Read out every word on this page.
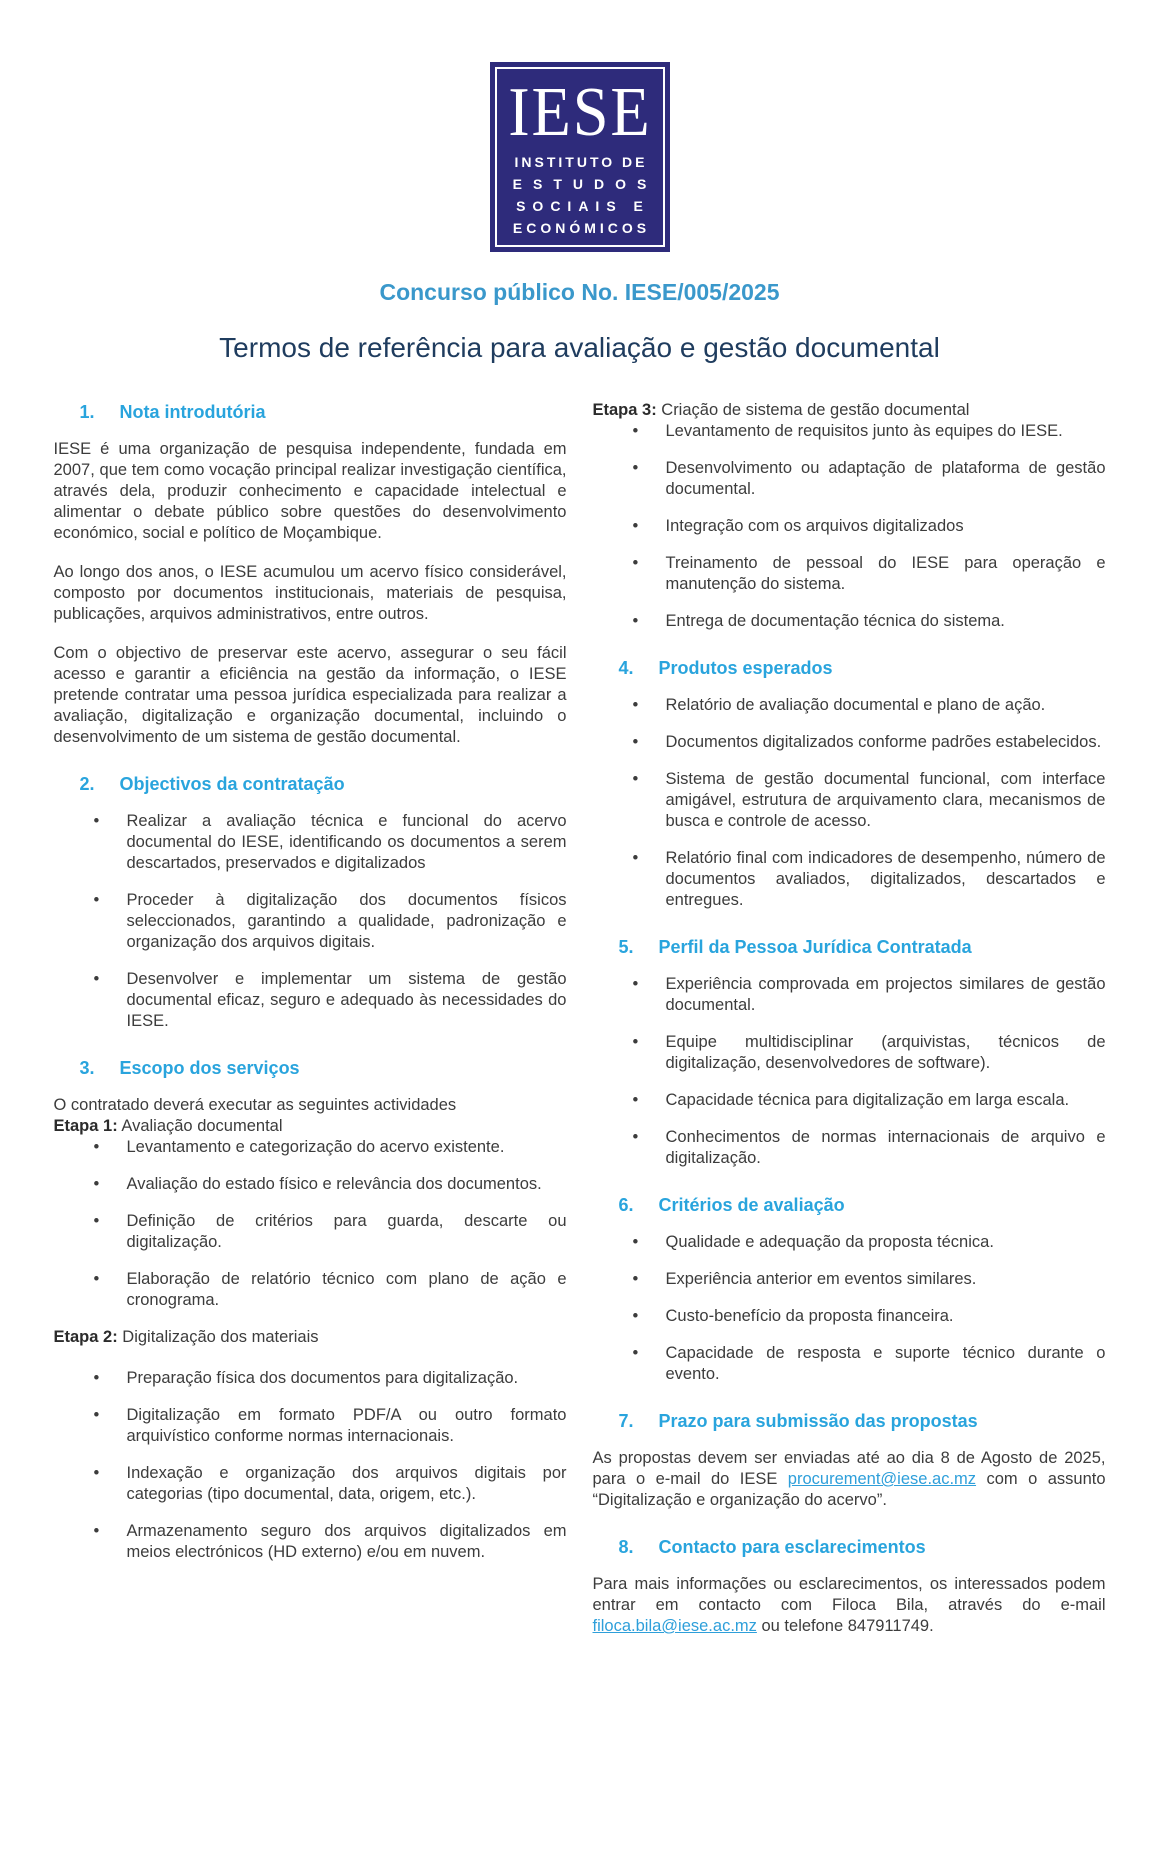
IESE
INSTITUTO DE
ESTUDOS
SOCIAIS E
ECONÓMICOS
Concurso público No. IESE/005/2025
Termos de referência para avaliação e gestão documental
1. Nota introdutória

IESE é uma organização de pesquisa independente, fundada em 2007, que tem como vocação principal realizar investigação científica, através dela, produzir conhecimento e capacidade intelectual e alimentar o debate público sobre questões do desenvolvimento económico, social e político de Moçambique.

Ao longo dos anos, o IESE acumulou um acervo físico considerável, composto por documentos institucionais, materiais de pesquisa, publicações, arquivos administrativos, entre outros.

Com o objectivo de preservar este acervo, assegurar o seu fácil acesso e garantir a eficiência na gestão da informação, o IESE pretende contratar uma pessoa jurídica especializada para realizar a avaliação, digitalização e organização documental, incluindo o desenvolvimento de um sistema de gestão documental.

2. Objectivos da contratação
• Realizar a avaliação técnica e funcional do acervo documental do IESE, identificando os documentos a serem descartados, preservados e digitalizados
• Proceder à digitalização dos documentos físicos seleccionados, garantindo a qualidade, padronização e organização dos arquivos digitais.
• Desenvolver e implementar um sistema de gestão documental eficaz, seguro e adequado às necessidades do IESE.
3. Escopo dos serviços

O contratado deverá executar as seguintes actividades

Etapa 1: Avaliação documental

• Levantamento e categorização do acervo existente.
• Avaliação do estado físico e relevância dos documentos.
• Definição de critérios para guarda, descarte ou digitalização.
• Elaboração de relatório técnico com plano de ação e cronograma.

Etapa 2: Digitalização dos materiais

• Preparação física dos documentos para digitalização.
• Digitalização em formato PDF/A ou outro formato arquivístico conforme normas internacionais.
• Indexação e organização dos arquivos digitais por categorias (tipo documental, data, origem, etc.).
• Armazenamento seguro dos arquivos digitalizados em meios electrónicos (HD externo) e/ou em nuvem.

Etapa 3: Criação de sistema de gestão documental

• Levantamento de requisitos junto às equipes do IESE.
• Desenvolvimento ou adaptação de plataforma de gestão documental.
• Integração com os arquivos digitalizados
• Treinamento de pessoal do IESE para operação e manutenção do sistema.
• Entrega de documentação técnica do sistema.
4. Produtos esperados
• Relatório de avaliação documental e plano de ação.
• Documentos digitalizados conforme padrões estabelecidos.
• Sistema de gestão documental funcional, com interface amigável, estrutura de arquivamento clara, mecanismos de busca e controle de acesso.
• Relatório final com indicadores de desempenho, número de documentos avaliados, digitalizados, descartados e entregues.
5. Perfil da Pessoa Jurídica Contratada
• Experiência comprovada em projectos similares de gestão documental.
• Equipe multidisciplinar (arquivistas, técnicos de digitalização, desenvolvedores de software).
• Capacidade técnica para digitalização em larga escala.
• Conhecimentos de normas internacionais de arquivo e digitalização.
6. Critérios de avaliação
• Qualidade e adequação da proposta técnica.
• Experiência anterior em eventos similares.
• Custo-benefício da proposta financeira.
• Capacidade de resposta e suporte técnico durante o evento.
7. Prazo para submissão das propostas

As propostas devem ser enviadas até ao dia 8 de Agosto de 2025, para o e-mail do IESE procurement@iese.ac.mz com o assunto “Digitalização e organização do acervo”.

8. Contacto para esclarecimentos

Para mais informações ou esclarecimentos, os interessados podem entrar em contacto com Filoca Bila, através do e-mail filoca.bila@iese.ac.mz ou telefone 847911749.
